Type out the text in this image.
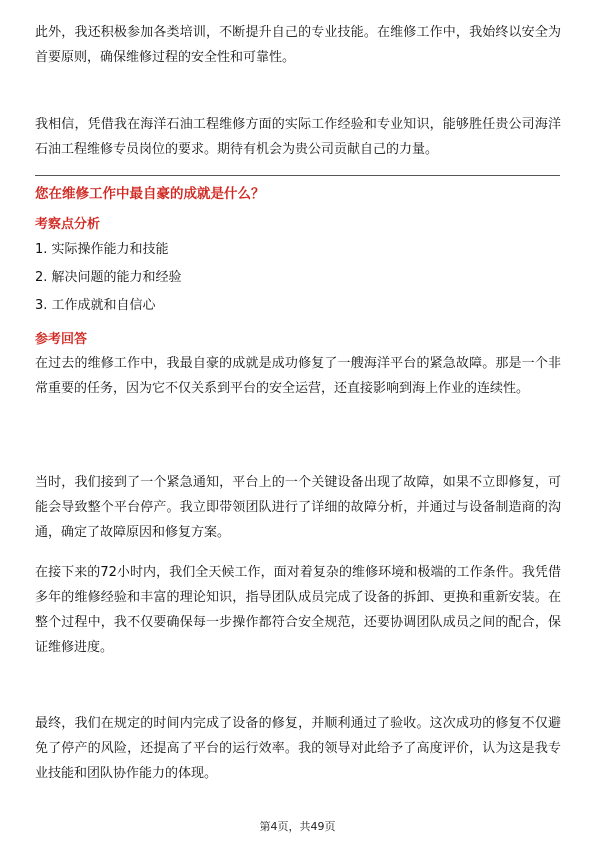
此外，我还积极参加各类培训，不断提升自己的专业技能。在维修工作中，我始终以安全为首要原则，确保维修过程的安全性和可靠性。

我相信，凭借我在海洋石油工程维修方面的实际工作经验和专业知识，能够胜任贵公司海洋石油工程维修专员岗位的要求。期待有机会为贵公司贡献自己的力量。

您在维修工作中最自豪的成就是什么？
考察点分析
1. 实际操作能力和技能
2. 解决问题的能力和经验
3. 工作成就和自信心
参考回答

在过去的维修工作中，我最自豪的成就是成功修复了一艘海洋平台的紧急故障。那是一个非常重要的任务，因为它不仅关系到平台的安全运营，还直接影响到海上作业的连续性。

当时，我们接到了一个紧急通知，平台上的一个关键设备出现了故障，如果不立即修复，可能会导致整个平台停产。我立即带领团队进行了详细的故障分析，并通过与设备制造商的沟通，确定了故障原因和修复方案。

在接下来的72小时内，我们全天候工作，面对着复杂的维修环境和极端的工作条件。我凭借多年的维修经验和丰富的理论知识，指导团队成员完成了设备的拆卸、更换和重新安装。在整个过程中，我不仅要确保每一步操作都符合安全规范，还要协调团队成员之间的配合，保证维修进度。

最终，我们在规定的时间内完成了设备的修复，并顺利通过了验收。这次成功的修复不仅避免了停产的风险，还提高了平台的运行效率。我的领导对此给予了高度评价，认为这是我专业技能和团队协作能力的体现。

第4页，共49页
